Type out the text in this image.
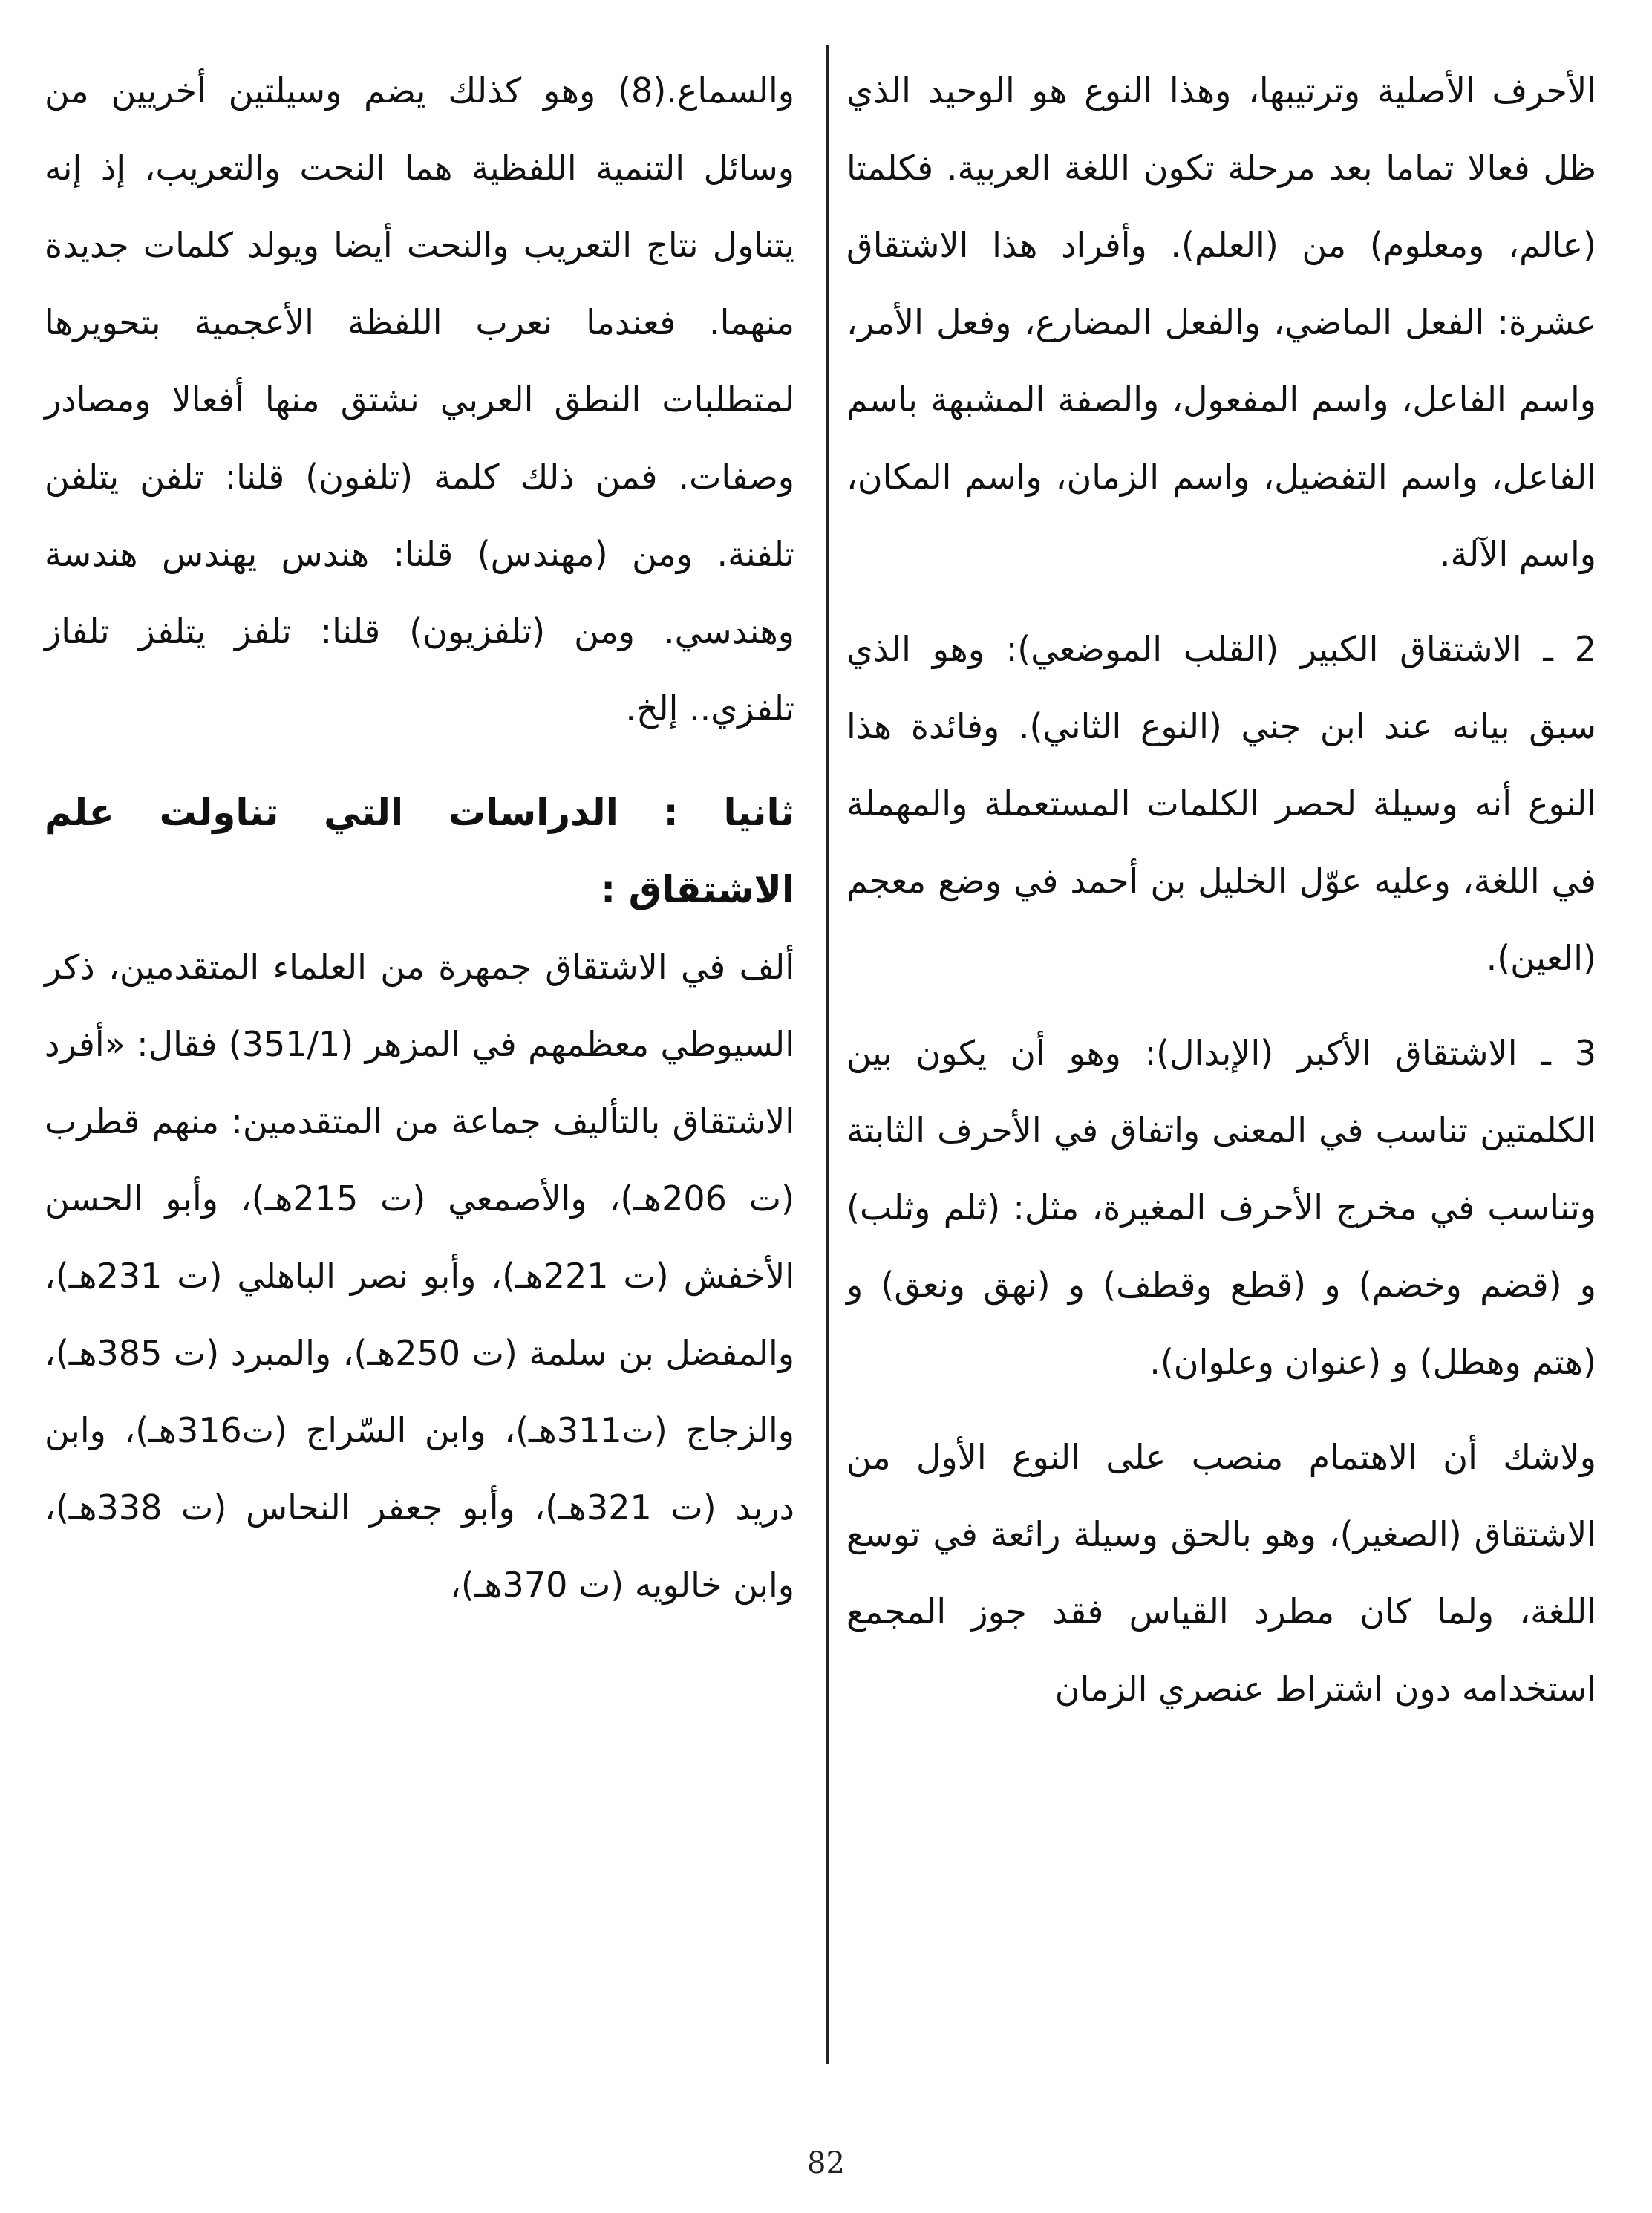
الأحرف الأصلية وترتيبها، وهذا النوع هو الوحيد الذي ظل فعالا تماما بعد مرحلة تكون اللغة العربية. فكلمتا (عالم، ومعلوم) من (العلم). وأفراد هذا الاشتقاق عشرة: الفعل الماضي، والفعل المضارع، وفعل الأمر، واسم الفاعل، واسم المفعول، والصفة المشبهة باسم الفاعل، واسم التفضيل، واسم الزمان، واسم المكان، واسم الآلة.

2 ـ الاشتقاق الكبير (القلب الموضعي): وهو الذي سبق بيانه عند ابن جني (النوع الثاني). وفائدة هذا النوع أنه وسيلة لحصر الكلمات المستعملة والمهملة في اللغة، وعليه عوّل الخليل بن أحمد في وضع معجم (العين).

3 ـ الاشتقاق الأكبر (الإبدال): وهو أن يكون بين الكلمتين تناسب في المعنى واتفاق في الأحرف الثابتة وتناسب في مخرج الأحرف المغيرة، مثل: (ثلم وثلب) و (قضم وخضم) و (قطع وقطف) و (نهق ونعق) و (هتم وهطل) و (عنوان وعلوان).

ولاشك أن الاهتمام منصب على النوع الأول من الاشتقاق (الصغير)، وهو بالحق وسيلة رائعة في توسع اللغة، ولما كان مطرد القياس فقد جوز المجمع استخدامه دون اشتراط عنصري الزمان

والسماع.(8) وهو كذلك يضم وسيلتين أخريين من وسائل التنمية اللفظية هما النحت والتعريب، إذ إنه يتناول نتاج التعريب والنحت أيضا ويولد كلمات جديدة منهما. فعندما نعرب اللفظة الأعجمية بتحويرها لمتطلبات النطق العربي نشتق منها أفعالا ومصادر وصفات. فمن ذلك كلمة (تلفون) قلنا: تلفن يتلفن تلفنة. ومن (مهندس) قلنا: هندس يهندس هندسة وهندسي. ومن (تلفزيون) قلنا: تلفز يتلفز تلفاز تلفزي.. إلخ.

ثانيا : الدراسات التي تناولت علم الاشتقاق :

ألف في الاشتقاق جمهرة من العلماء المتقدمين، ذكر السيوطي معظمهم في المزهر (351/1) فقال: «أفرد الاشتقاق بالتأليف جماعة من المتقدمين: منهم قطرب (ت 206هـ)، والأصمعي (ت 215هـ)، وأبو الحسن الأخفش (ت 221هـ)، وأبو نصر الباهلي (ت 231هـ)، والمفضل بن سلمة (ت 250هـ)، والمبرد (ت 385هـ)، والزجاج (ت311هـ)، وابن السّراج (ت316هـ)، وابن دريد (ت 321هـ)، وأبو جعفر النحاس (ت 338هـ)، وابن خالويه (ت 370هـ)،

82
